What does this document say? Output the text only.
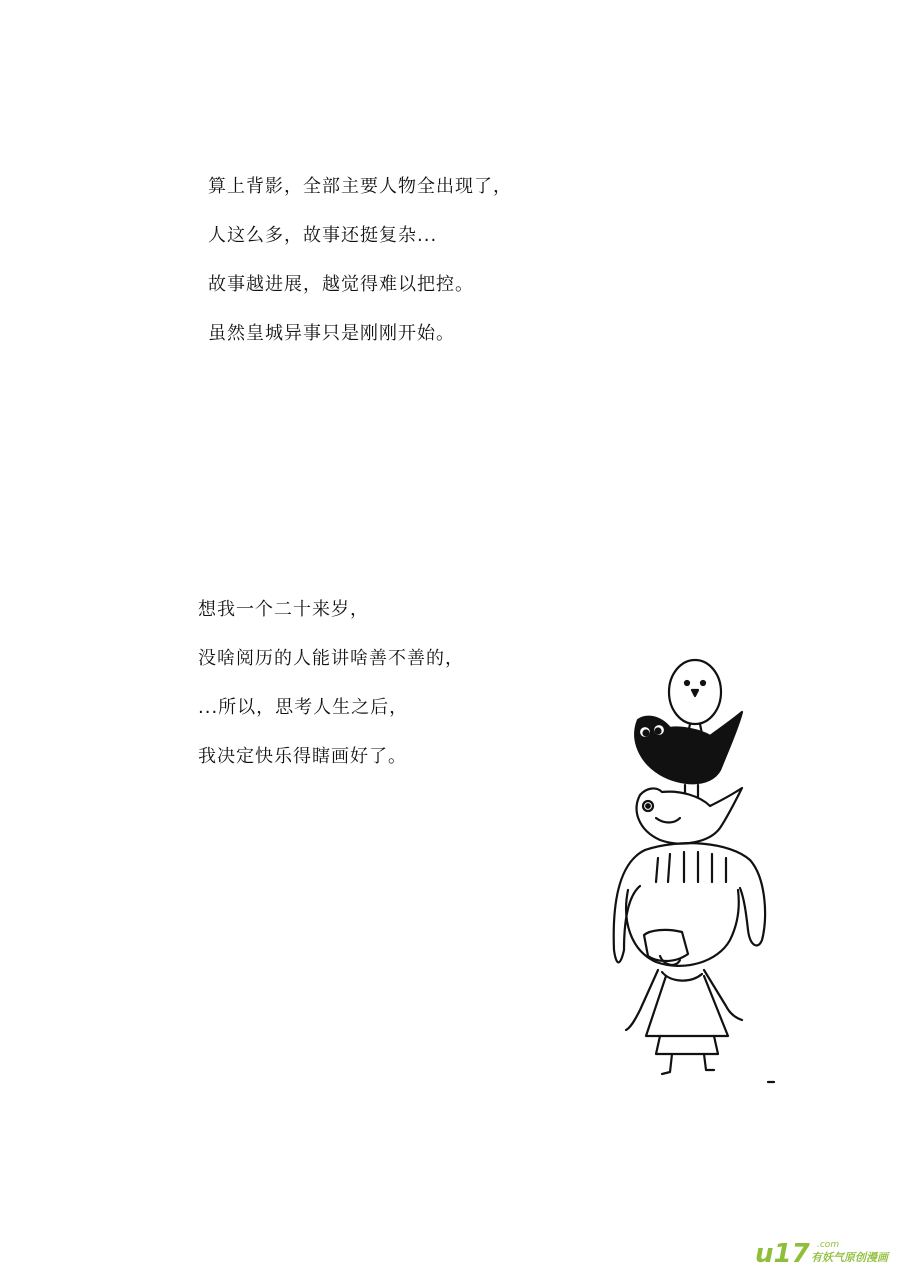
算上背影，全部主要人物全出现了，
人这么多，故事还挺复杂...
故事越进展，越觉得难以把控。
虽然皇城异事只是刚刚开始。
想我一个二十来岁，
没啥阅历的人能讲啥善不善的，
...所以，思考人生之后，
我决定快乐得瞎画好了。
u17 .com
有妖气原创漫画
